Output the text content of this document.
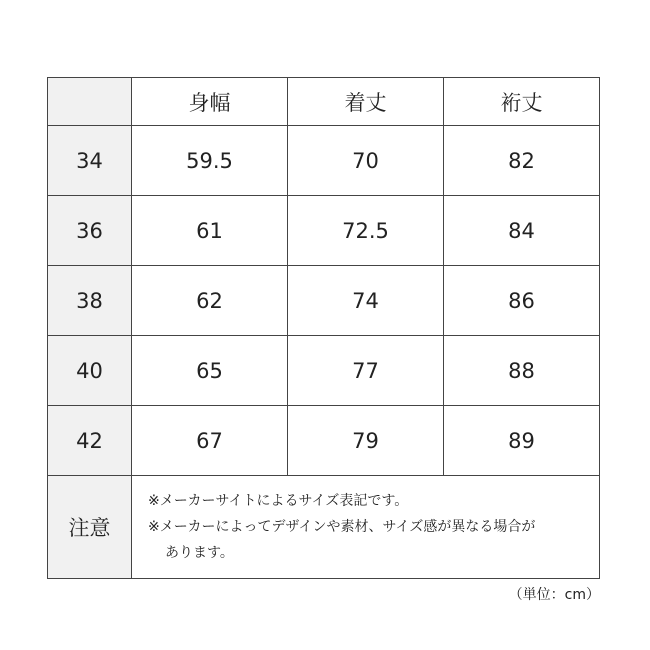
	身幅	着丈	裄丈
34	59.5	70	82
36	61	72.5	84
38	62	74	86
40	65	77	88
42	67	79	89
注意	※メーカーサイトによるサイズ表記です。
※メーカーによってデザインや素材、サイズ感が異なる場合が
あります。		
（単位：cm）
